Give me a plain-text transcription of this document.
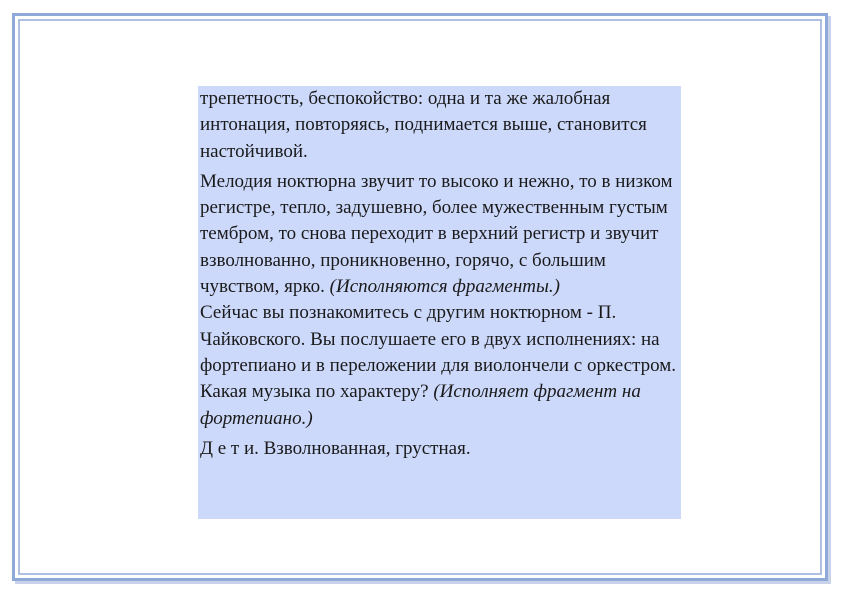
трепетность, беспокойство: одна и та же жалобная интонация, повторяясь, поднимается выше, становится настойчивой.

Мелодия ноктюрна звучит то высоко и нежно, то в низком регистре, тепло, задушевно, более мужественным густым тембром, то снова переходит в верхний регистр и звучит взволнованно, проникновенно, горячо, с большим чувством, ярко. (Исполняются фрагменты.)

Сейчас вы познакомитесь с другим ноктюрном - П. Чайковского. Вы послушаете его в двух исполнениях: на фортепиано и в переложении для виолончели с оркестром. Какая музыка по характеру? (Исполняет фрагмент на фортепиано.)

Д е т и. Взволнованная, грустная.
